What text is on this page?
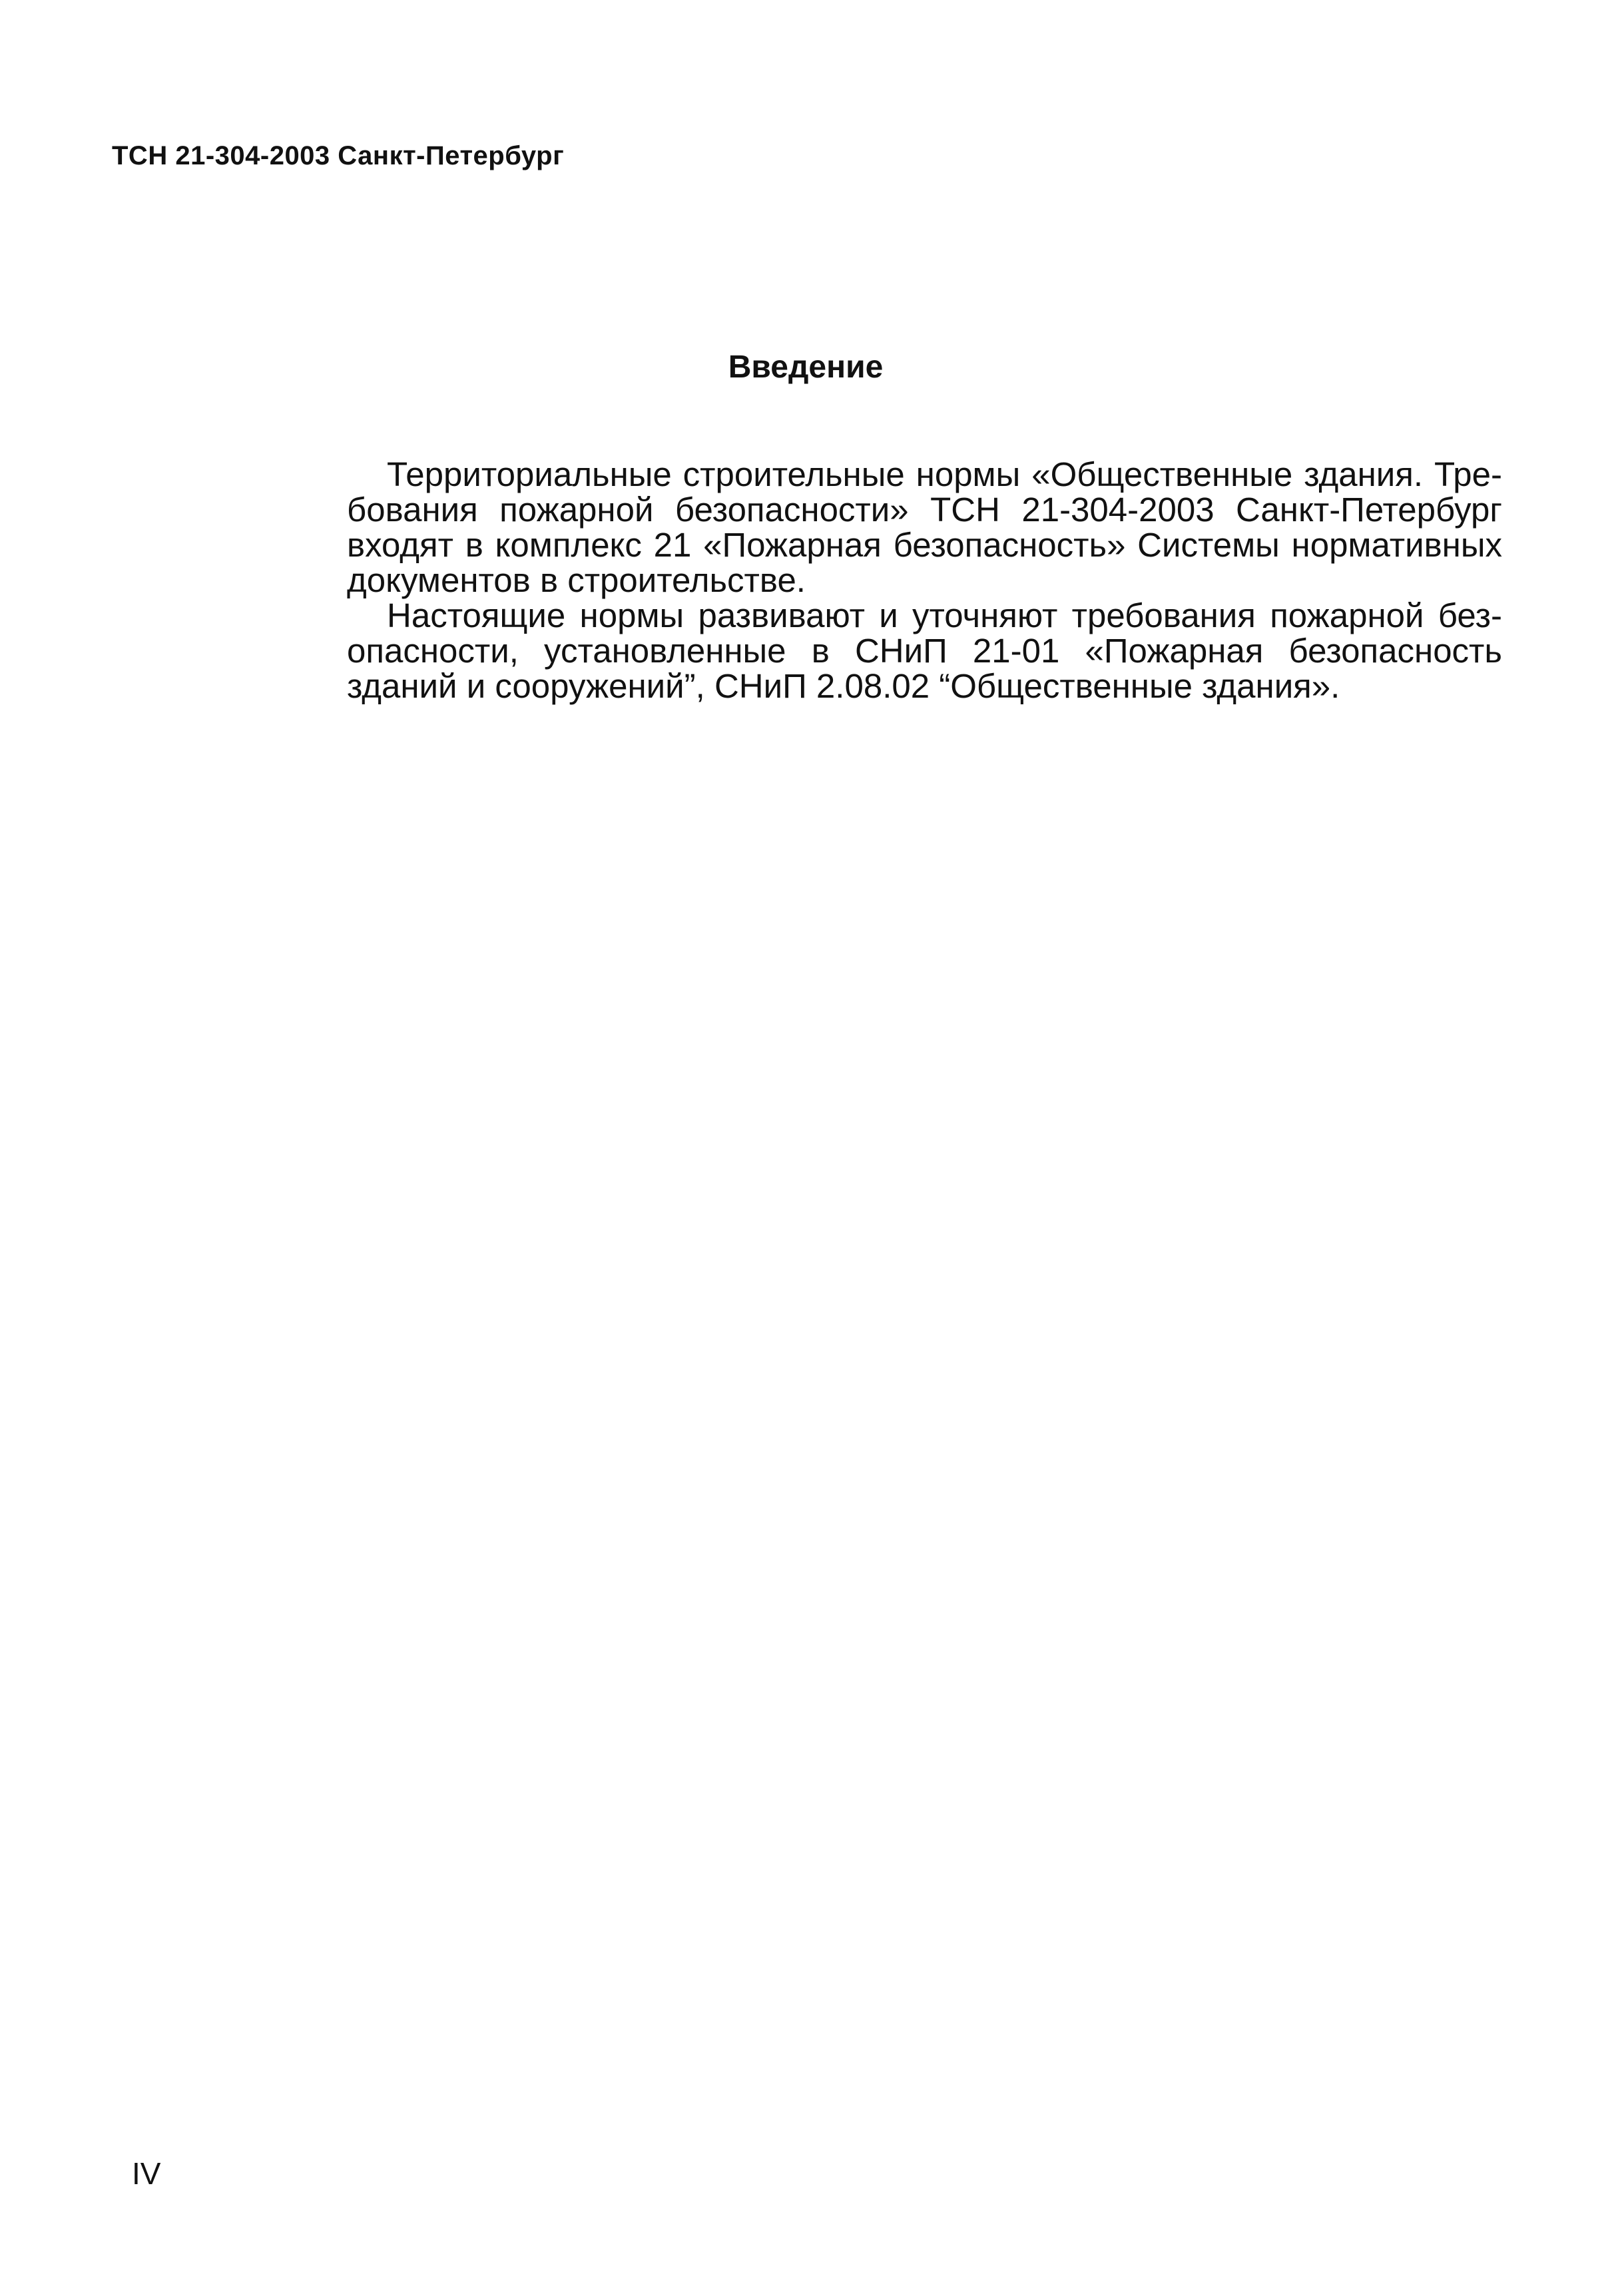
ТСН 21-304-2003 Санкт-Петербург
Введение

Территориальные строительные нормы «Общественные здания. Требования пожарной безопасности» ТСН 21-304-2003 Санкт-Петербург входят в комплекс 21 «Пожарная безопасность» Системы нормативных документов в строительстве.

Настоящие нормы развивают и уточняют требования пожарной безопасности, установленные в СНиП 21-01 «Пожарная безопасность зданий и сооружений”, СНиП 2.08.02 “Общественные здания».

IV
